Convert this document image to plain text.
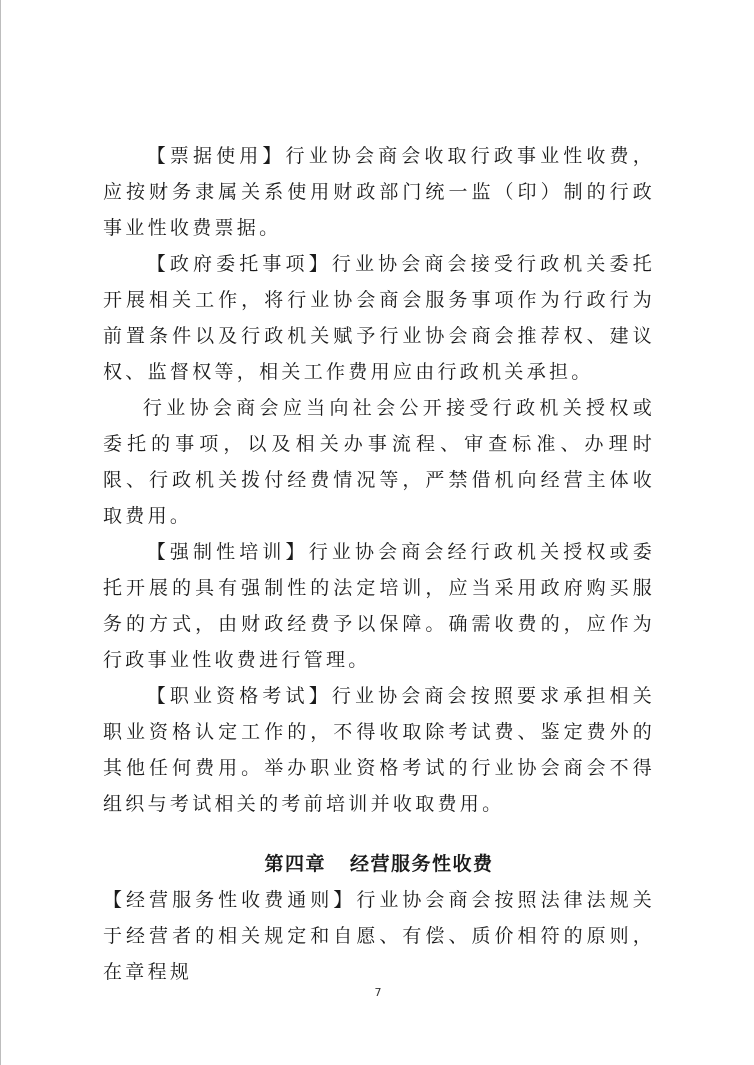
【票据使用】行业协会商会收取行政事业性收费，应按财务隶属关系使用财政部门统一监（印）制的行政事业性收费票据。

【政府委托事项】行业协会商会接受行政机关委托开展相关工作，将行业协会商会服务事项作为行政行为前置条件以及行政机关赋予行业协会商会推荐权、建议权、监督权等，相关工作费用应由行政机关承担。

行业协会商会应当向社会公开接受行政机关授权或委托的事项，以及相关办事流程、审查标准、办理时限、行政机关拨付经费情况等，严禁借机向经营主体收取费用。

【强制性培训】行业协会商会经行政机关授权或委托开展的具有强制性的法定培训，应当采用政府购买服务的方式，由财政经费予以保障。确需收费的，应作为行政事业性收费进行管理。

【职业资格考试】行业协会商会按照要求承担相关职业资格认定工作的，不得收取除考试费、鉴定费外的其他任何费用。举办职业资格考试的行业协会商会不得组织与考试相关的考前培训并收取费用。

第四章 经营服务性收费

【经营服务性收费通则】行业协会商会按照法律法规关于经营者的相关规定和自愿、有偿、质价相符的原则，在章程规

7
